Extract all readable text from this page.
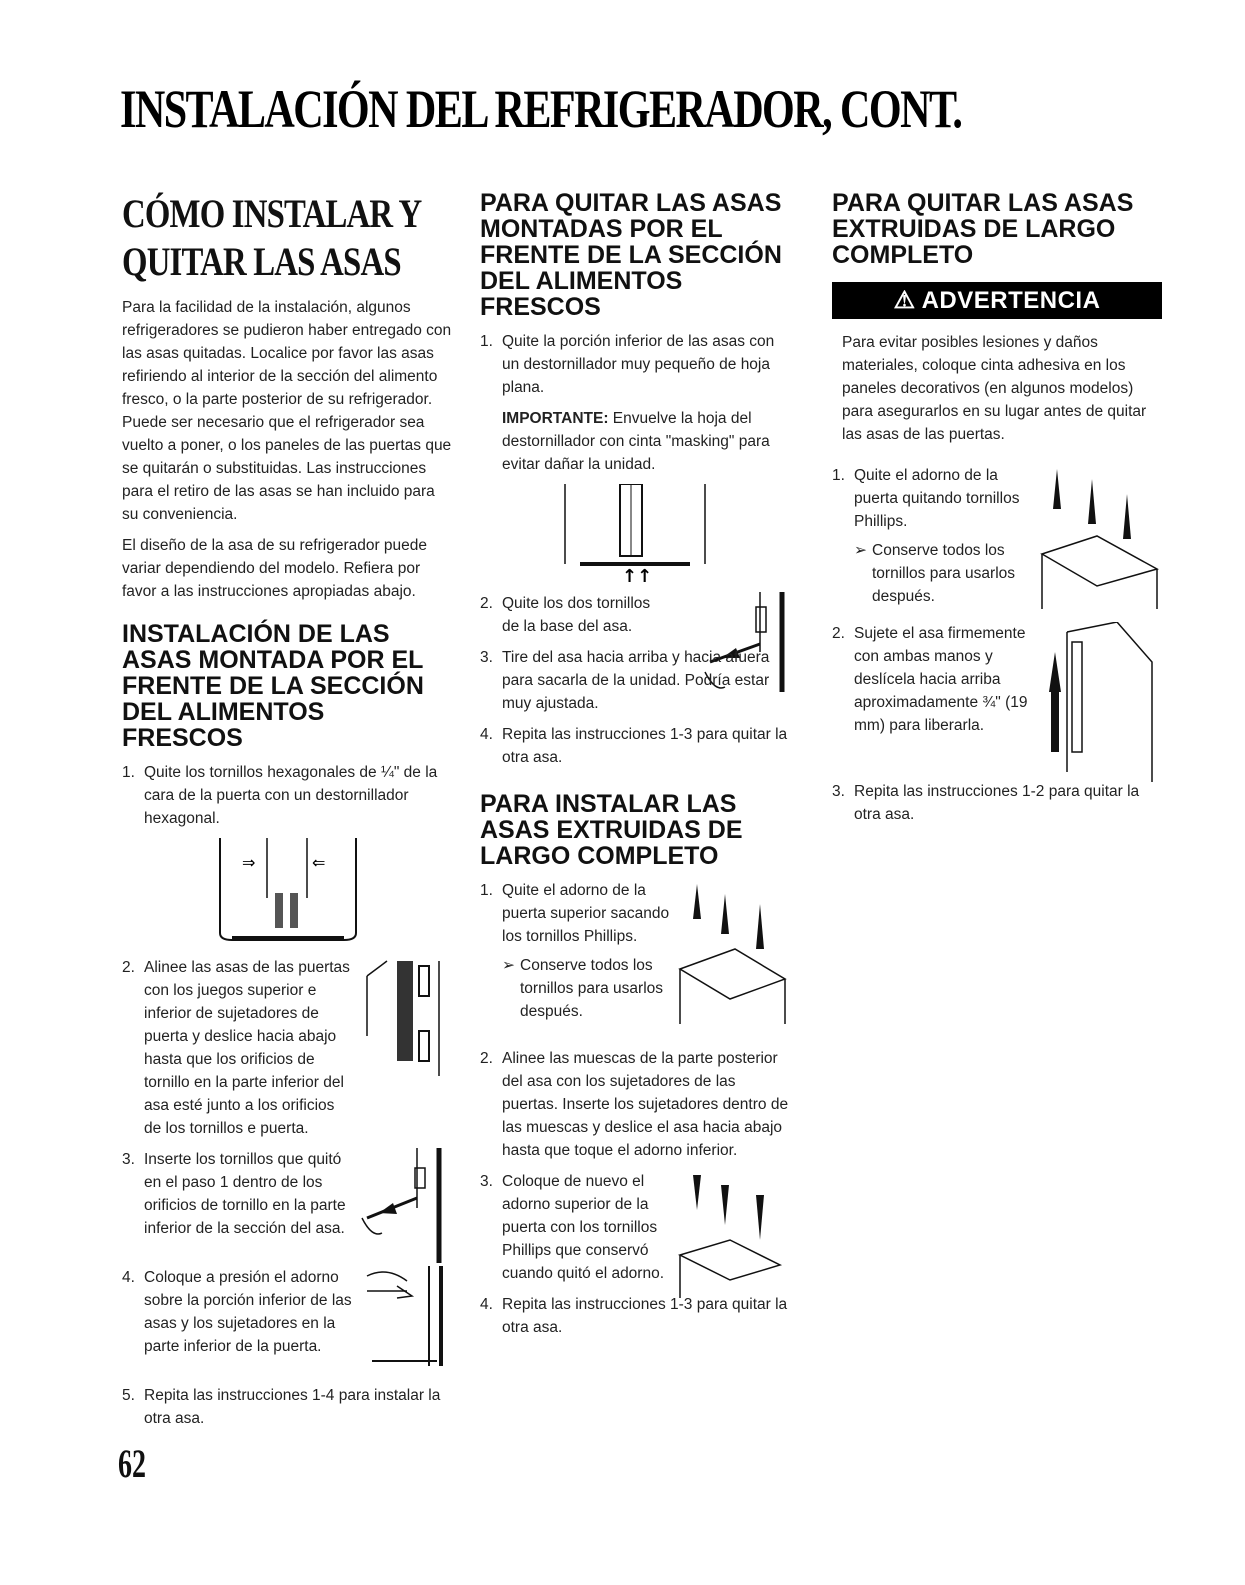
INSTALACIÓN DEL REFRIGERADOR, CONT.
CÓMO INSTALAR Y QUITAR LAS ASAS

Para la facilidad de la instalación, algunos refrigeradores se pudieron haber entregado con las asas quitadas. Localice por favor las asas refiriendo al interior de la sección del alimento fresco, o la parte posterior de su refrigerador. Puede ser necesario que el refrigerador sea vuelto a poner, o los paneles de las puertas que se quitarán o substituidas. Las instrucciones para el retiro de las asas se han incluido para su conveniencia.

El diseño de la asa de su refrigerador puede variar dependiendo del modelo. Refiera por favor a las instrucciones apropiadas abajo.

INSTALACIÓN DE LAS ASAS MONTADA POR EL FRENTE DE LA SECCIÓN DEL ALIMENTOS FRESCOS
1. Quite los tornillos hexagonales de ¼" de la cara de la puerta con un destornillador hexagonal.
⇒	⇐
2. Alinee las asas de las puertas con los juegos superior e inferior de sujetadores de puerta y deslice hacia abajo hasta que los orificios de tornillo en la parte inferior del asa esté junto a los orificios de los tornillos e puerta.
3. Inserte los tornillos que quitó en el paso 1 dentro de los orificios de tornillo en la parte inferior de la sección del asa.
4. Coloque a presión el adorno sobre la porción inferior de las asas y los sujetadores en la parte inferior de la puerta.
5. Repita las instrucciones 1-4 para instalar la otra asa.
PARA QUITAR LAS ASAS MONTADAS POR EL FRENTE DE LA SECCIÓN DEL ALIMENTOS FRESCOS
1. Quite la porción inferior de las asas con un destornillador muy pequeño de hoja plana.

IMPORTANTE: Envuelve la hoja del destornillador con cinta "masking" para evitar dañar la unidad.

↑↑
2. Quite los dos tornillos de la base del asa.
3. Tire del asa hacia arriba y hacia afuera para sacarla de la unidad. Podría estar muy ajustada.
4. Repita las instrucciones 1-3 para quitar la otra asa.
PARA INSTALAR LAS ASAS EXTRUIDAS DE LARGO COMPLETO
1. Quite el adorno de la puerta superior sacando los tornillos Phillips.
➢ Conserve todos los tornillos para usarlos después.
2. Alinee las muescas de la parte posterior del asa con los sujetadores de las puertas. Inserte los sujetadores dentro de las muescas y deslice el asa hacia abajo hasta que toque el adorno inferior.
3. Coloque de nuevo el adorno superior de la puerta con los tornillos Phillips que conservó cuando quitó el adorno.
4. Repita las instrucciones 1-3 para quitar la otra asa.
PARA QUITAR LAS ASAS EXTRUIDAS DE LARGO COMPLETO
⚠ ADVERTENCIA

Para evitar posibles lesiones y daños materiales, coloque cinta adhesiva en los paneles decorativos (en algunos modelos) para asegurarlos en su lugar antes de quitar las asas de las puertas.

1. Quite el adorno de la puerta quitando tornillos Phillips.
➢ Conserve todos los tornillos para usarlos después.
2. Sujete el asa firmemente con ambas manos y deslícela hacia arriba aproximadamente ¾" (19 mm) para liberarla.
3. Repita las instrucciones 1-2 para quitar la otra asa.
62
